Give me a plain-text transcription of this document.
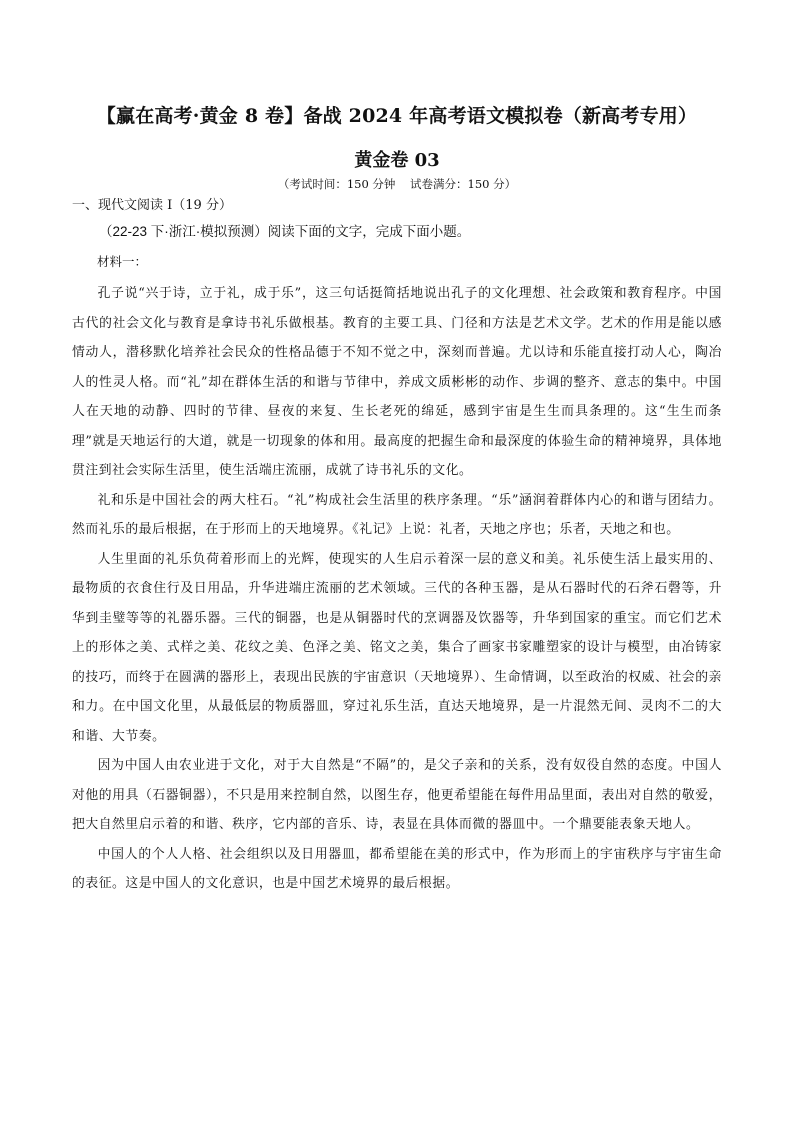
【赢在高考·黄金 8 卷】备战 2024 年高考语文模拟卷（新高考专用）
黄金卷 03
（考试时间：150 分钟    试卷满分：150 分）
一、现代文阅读 I（19 分）
（22-23 下·浙江·模拟预测）阅读下面的文字，完成下面小题。
材料一：

孔子说“兴于诗，立于礼，成于乐”，这三句话挺简括地说出孔子的文化理想、社会政策和教育程序。中国古代的社会文化与教育是拿诗书礼乐做根基。教育的主要工具、门径和方法是艺术文学。艺术的作用是能以感情动人，潜移默化培养社会民众的性格品德于不知不觉之中，深刻而普遍。尤以诗和乐能直接打动人心，陶冶人的性灵人格。而“礼”却在群体生活的和谐与节律中，养成文质彬彬的动作、步调的整齐、意志的集中。中国人在天地的动静、四时的节律、昼夜的来复、生长老死的绵延，感到宇宙是生生而具条理的。这“生生而条理”就是天地运行的大道，就是一切现象的体和用。最高度的把握生命和最深度的体验生命的精神境界，具体地贯注到社会实际生活里，使生活端庄流丽，成就了诗书礼乐的文化。

礼和乐是中国社会的两大柱石。“礼”构成社会生活里的秩序条理。“乐”涵润着群体内心的和谐与团结力。然而礼乐的最后根据，在于形而上的天地境界。《礼记》上说：礼者，天地之序也；乐者，天地之和也。

人生里面的礼乐负荷着形而上的光辉，使现实的人生启示着深一层的意义和美。礼乐使生活上最实用的、最物质的衣食住行及日用品，升华进端庄流丽的艺术领域。三代的各种玉器，是从石器时代的石斧石磬等，升华到圭璧等等的礼器乐器。三代的铜器，也是从铜器时代的烹调器及饮器等，升华到国家的重宝。而它们艺术上的形体之美、式样之美、花纹之美、色泽之美、铭文之美，集合了画家书家雕塑家的设计与模型，由冶铸家的技巧，而终于在圆满的器形上，表现出民族的宇宙意识（天地境界）、生命情调，以至政治的权威、社会的亲和力。在中国文化里，从最低层的物质器皿，穿过礼乐生活，直达天地境界，是一片混然无间、灵肉不二的大和谐、大节奏。

因为中国人由农业进于文化，对于大自然是“不隔”的，是父子亲和的关系，没有奴役自然的态度。中国人对他的用具（石器铜器），不只是用来控制自然，以图生存，他更希望能在每件用品里面，表出对自然的敬爱，把大自然里启示着的和谐、秩序，它内部的音乐、诗，表显在具体而微的器皿中。一个鼎要能表象天地人。

中国人的个人人格、社会组织以及日用器皿，都希望能在美的形式中，作为形而上的宇宙秩序与宇宙生命的表征。这是中国人的文化意识，也是中国艺术境界的最后根据。
